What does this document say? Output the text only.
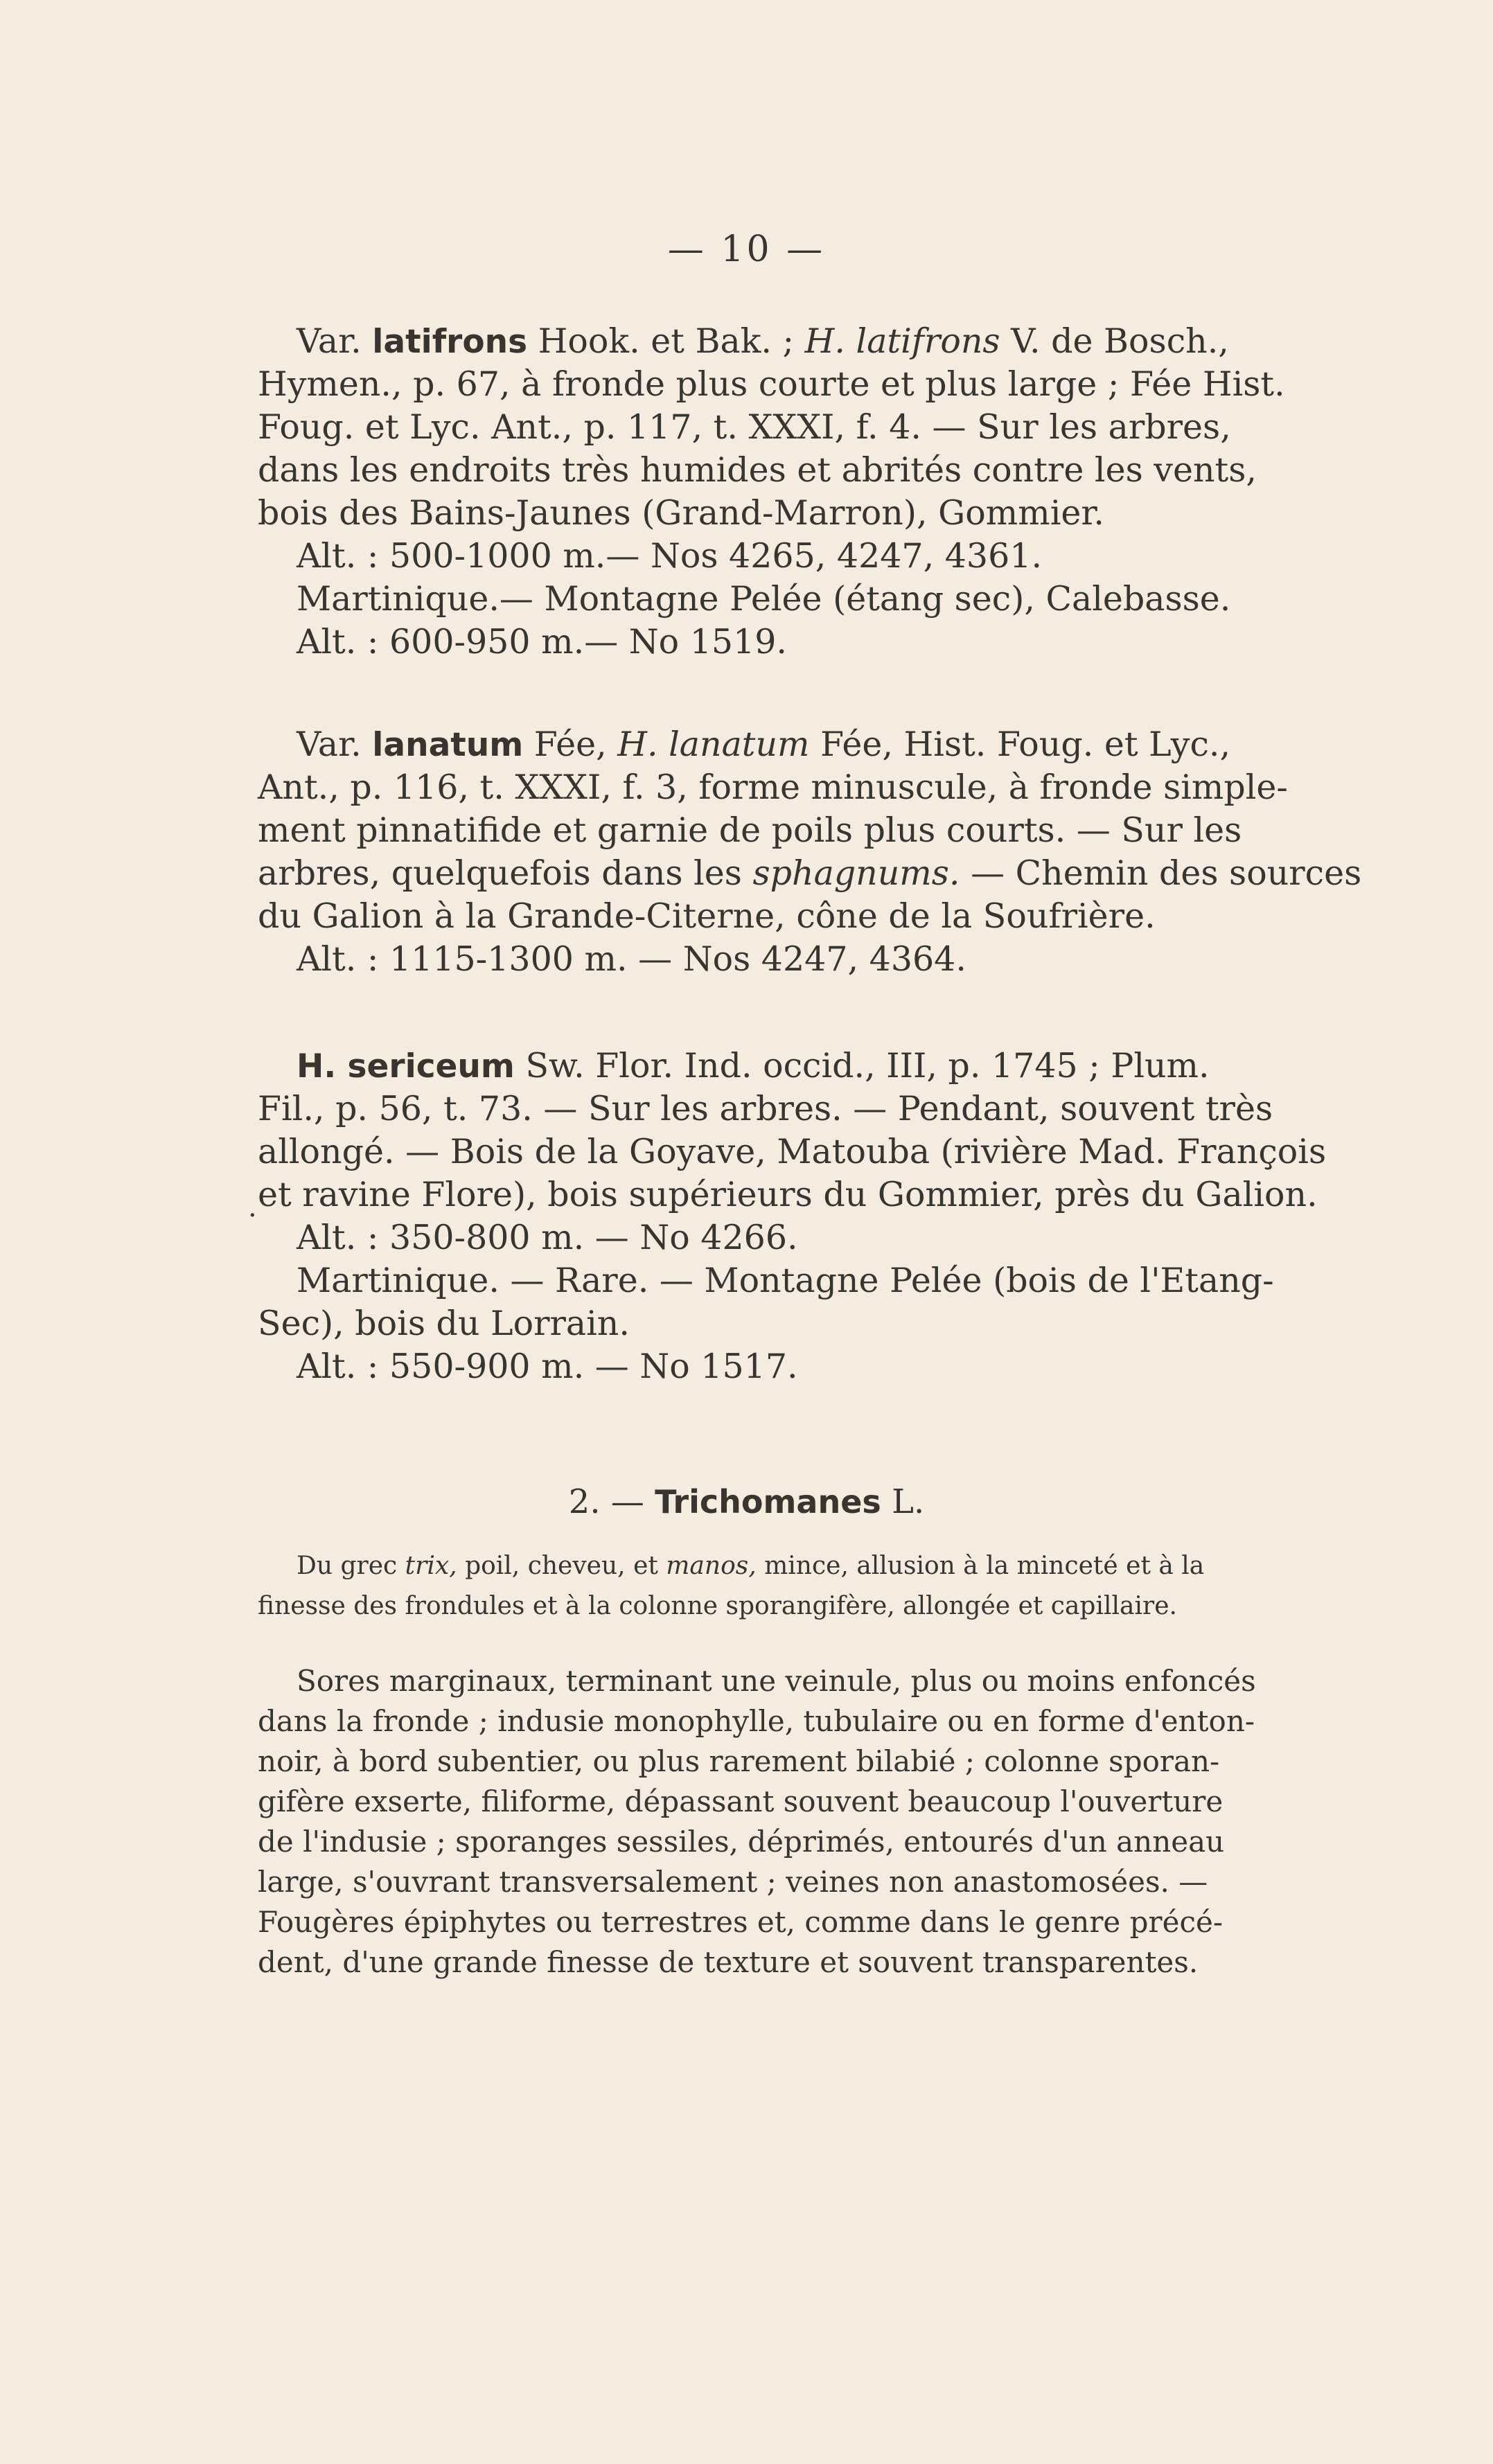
— 10 —
Var. latifrons Hook. et Bak. ; H. latifrons V. de Bosch.,
Hymen., p. 67, à fronde plus courte et plus large ; Fée Hist.
Foug. et Lyc. Ant., p. 117, t. XXXI, f. 4. — Sur les arbres,
dans les endroits très humides et abrités contre les vents,
bois des Bains-Jaunes (Grand-Marron), Gommier.
Alt. : 500-1000 m.— Nos 4265, 4247, 4361.
Martinique.— Montagne Pelée (étang sec), Calebasse.
Alt. : 600-950 m.— No 1519.
Var. lanatum Fée, H. lanatum Fée, Hist. Foug. et Lyc.,
Ant., p. 116, t. XXXI, f. 3, forme minuscule, à fronde simple-
ment pinnatifide et garnie de poils plus courts. — Sur les
arbres, quelquefois dans les sphagnums. — Chemin des sources
du Galion à la Grande-Citerne, cône de la Soufrière.
Alt. : 1115-1300 m. — Nos 4247, 4364.
H. sericeum Sw. Flor. Ind. occid., III, p. 1745 ; Plum.
Fil., p. 56, t. 73. — Sur les arbres. — Pendant, souvent très
allongé. — Bois de la Goyave, Matouba (rivière Mad. François
et ravine Flore), bois supérieurs du Gommier, près du Galion.
Alt. : 350-800 m. — No 4266.
Martinique. — Rare. — Montagne Pelée (bois de l'Etang-
Sec), bois du Lorrain.
Alt. : 550-900 m. — No 1517.
·
2. — Trichomanes L.
Du grec trix, poil, cheveu, et manos, mince, allusion à la minceté et à la
finesse des frondules et à la colonne sporangifère, allongée et capillaire.
Sores marginaux, terminant une veinule, plus ou moins enfoncés
dans la fronde ; indusie monophylle, tubulaire ou en forme d'enton-
noir, à bord subentier, ou plus rarement bilabié ; colonne sporan-
gifère exserte, filiforme, dépassant souvent beaucoup l'ouverture
de l'indusie ; sporanges sessiles, déprimés, entourés d'un anneau
large, s'ouvrant transversalement ; veines non anastomosées. —
Fougères épiphytes ou terrestres et, comme dans le genre précé-
dent, d'une grande finesse de texture et souvent transparentes.
